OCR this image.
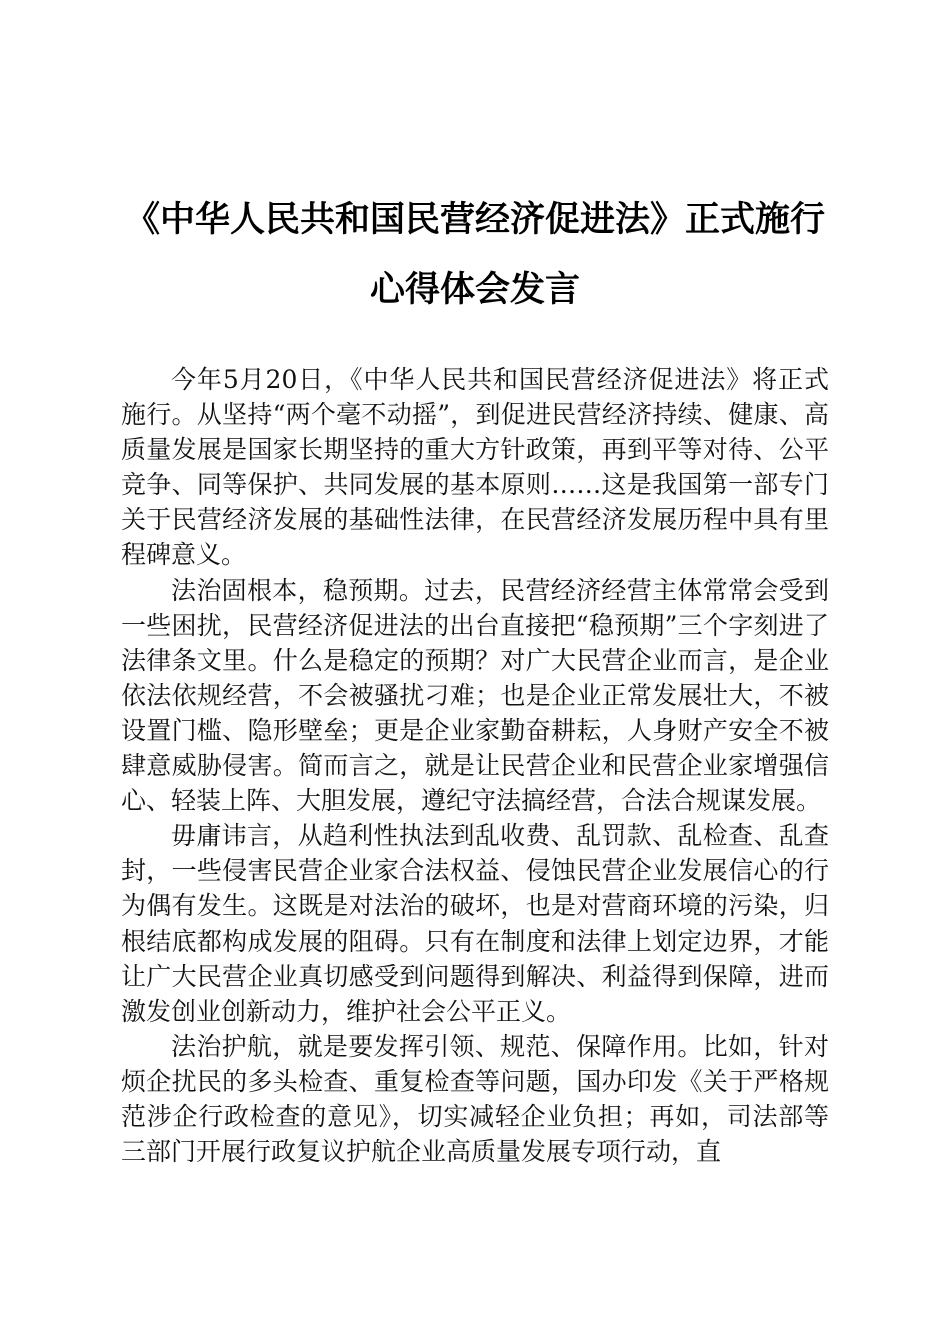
《中华人民共和国民营经济促进法》正式施行
心得体会发言

今年5月20日，《中华人民共和国民营经济促进法》将正式施行。从坚持“两个毫不动摇”，到促进民营经济持续、健康、高质量发展是国家长期坚持的重大方针政策，再到平等对待、公平竞争、同等保护、共同发展的基本原则……这是我国第一部专门关于民营经济发展的基础性法律，在民营经济发展历程中具有里程碑意义。

法治固根本，稳预期。过去，民营经济经营主体常常会受到一些困扰，民营经济促进法的出台直接把“稳预期”三个字刻进了法律条文里。什么是稳定的预期？对广大民营企业而言，是企业依法依规经营，不会被骚扰刁难；也是企业正常发展壮大，不被设置门槛、隐形壁垒；更是企业家勤奋耕耘，人身财产安全不被肆意威胁侵害。简而言之，就是让民营企业和民营企业家增强信心、轻装上阵、大胆发展，遵纪守法搞经营，合法合规谋发展。

毋庸讳言，从趋利性执法到乱收费、乱罚款、乱检查、乱查封，一些侵害民营企业家合法权益、侵蚀民营企业发展信心的行为偶有发生。这既是对法治的破坏，也是对营商环境的污染，归根结底都构成发展的阻碍。只有在制度和法律上划定边界，才能让广大民营企业真切感受到问题得到解决、利益得到保障，进而激发创业创新动力，维护社会公平正义。

法治护航，就是要发挥引领、规范、保障作用。比如，针对烦企扰民的多头检查、重复检查等问题，国办印发《关于严格规范涉企行政检查的意见》，切实减轻企业负担；再如，司法部等三部门开展行政复议护航企业高质量发展专项行动，直
